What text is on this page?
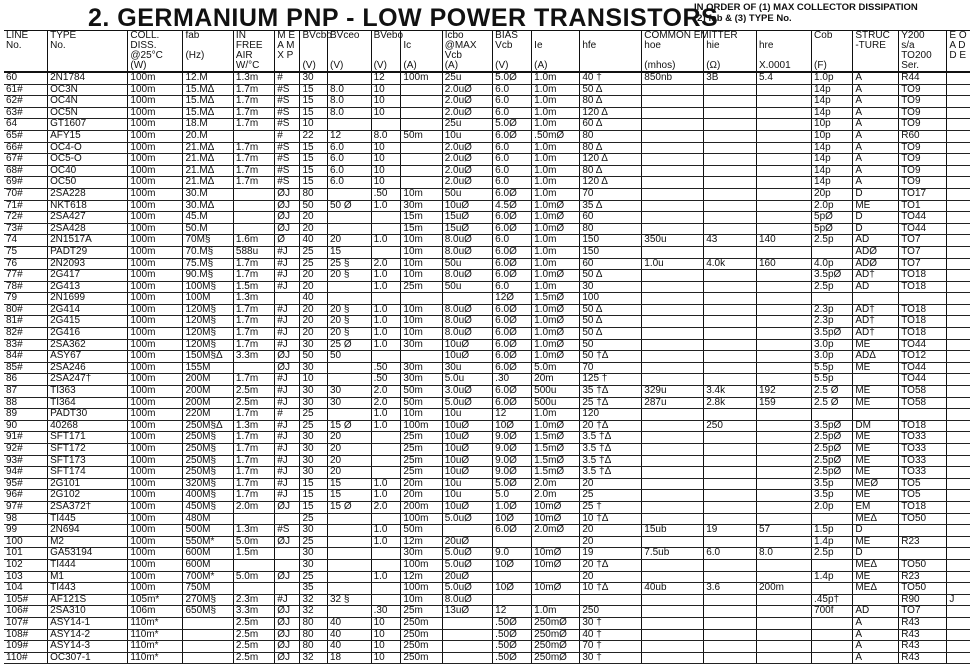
2. GERMANIUM PNP - LOW POWER TRANSISTORS
IN ORDER OF (1) MAX COLLECTOR DISSIPATION
(2) fab & (3) TYPE No.
LINE	TYPE	COLL.	fab	IN	M E	BVcbo	BVceo	BVebo		Icbo	BIAS			COMMON EMITTER			Cob	STRUC	Y200	E O
No.	No.	DISS.		FREE	A M				Ic	@MAX	Vcb	Ie	hfe	hoe	hie	hre		-TURE	s/a	A D
		@25°C	(Hz)	AIR	X P					Vcb									TO200	D E
		(W)		W/°C		(V)	(V)	(V)	(A)	(A)	(V)	(A)		(mhos)	(Ω)	X.0001	(F)		Ser.	
60	2N1784	100m	12.M	1.3m	#	30		12	100m	25u	5.0Ø	1.0m	40 †	850nb	3B	5.4	1.0p	A	R44	
61#	OC3N	100m	15.MΔ	1.7m	#S	15	8.0	10		2.0uØ	6.0	1.0m	50 Δ				14p	A	TO9	
62#	OC4N	100m	15.MΔ	1.7m	#S	15	8.0	10		2.0uØ	6.0	1.0m	80 Δ				14p	A	TO9	
63#	OC5N	100m	15.MΔ	1.7m	#S	15	8.0	10		2.0uØ	6.0	1.0m	120 Δ				14p	A	TO9	
64	GT1607	100m	18.M	1.7m	#S	10				25u	5.0Ø	1.0m	60 Δ				10p	A	TO9	
65#	AFY15	100m	20.M		#	22	12	8.0	50m	10u	6.0Ø	.50mØ	80				10p	A	R60	
66#	OC4-O	100m	21.MΔ	1.7m	#S	15	6.0	10		2.0uØ	6.0	1.0m	80 Δ				14p	A	TO9	
67#	OC5-O	100m	21.MΔ	1.7m	#S	15	6.0	10		2.0uØ	6.0	1.0m	120 Δ				14p	A	TO9	
68#	OC40	100m	21.MΔ	1.7m	#S	15	6.0	10		2.0uØ	6.0	1.0m	80 Δ				14p	A	TO9	
69#	OC50	100m	21.MΔ	1.7m	#S	15	6.0	10		2.0uØ	6.0	1.0m	120 Δ				14p	A	TO9	
70#	2SA228	100m	30.M		ØJ	80		.50	10m	50u	6.0Ø	1.0m	70				20p	D	TO17	
71#	NKT618	100m	30.MΔ		ØJ	50	50 Ø	1.0	30m	10uØ	4.5Ø	1.0mØ	35 Δ				2.0p	ME	TO1	
72#	2SA427	100m	45.M		ØJ	20			15m	15uØ	6.0Ø	1.0mØ	60				5pØ	D	TO44	
73#	2SA428	100m	50.M		ØJ	20			15m	15uØ	6.0Ø	1.0mØ	80				5pØ	D	TO44	
74	2N1517A	100m	70M§	1.6m	Ø	40	20	1.0	10m	8.0uØ	6.0	1.0m	150	350u	43	140	2.5p	AD	TO7	
75	PADT29	100m	70.M§	588u	#J	25	15		10m	8.0uØ	6.0Ø	1.0m	150					ADØ	TO7	
76	2N2093	100m	75.M§	1.7m	#J	25	25 §	2.0	10m	50u	6.0Ø	1.0m	60	1.0u	4.0k	160	4.0p	ADØ	TO7	
77#	2G417	100m	90.M§	1.7m	#J	20	20 §	1.0	10m	8.0uØ	6.0Ø	1.0mØ	50 Δ				3.5pØ	AD†	TO18	
78#	2G413	100m	100M§	1.5m	#J	20		1.0	25m	50u	6.0	1.0m	30				2.5p	AD	TO18	
79	2N1699	100m	100M	1.3m		40					12Ø	1.5mØ	100							
80#	2G414	100m	120M§	1.7m	#J	20	20 §	1.0	10m	8.0uØ	6.0Ø	1.0mØ	50 Δ				2.3p	AD†	TO18	
81#	2G415	100m	120M§	1.7m	#J	20	20 §	1.0	10m	8.0uØ	6.0Ø	1.0mØ	50 Δ				2.3p	AD†	TO18	
82#	2G416	100m	120M§	1.7m	#J	20	20 §	1.0	10m	8.0uØ	6.0Ø	1.0mØ	50 Δ				3.5pØ	AD†	TO18	
83#	2SA362	100m	120M§	1.7m	#J	30	25 Ø	1.0	30m	10uØ	6.0Ø	1.0mØ	50				3.0p	ME	TO44	
84#	ASY67	100m	150M§Δ	3.3m	ØJ	50	50			10uØ	6.0Ø	1.0mØ	50 †Δ				3.0p	ADΔ	TO12	
85#	2SA246	100m	155M		ØJ	30		.50	30m	30u	6.0Ø	5.0m	70				5.5p	ME	TO44	
86	2SA247†	100m	200M	1.7m	#J	10		.50	30m	5.0u	.30	20m	125 †				5.5p		TO44	
87	TI363	100m	200M	2.5m	#J	30	30	2.0	50m	3.0uØ	6.0Ø	500u	35 †Δ	329u	3.4k	192	2.5 Ø	ME	TO58	
88	TI364	100m	200M	2.5m	#J	30	30	2.0	50m	5.0uØ	6.0Ø	500u	25 †Δ	287u	2.8k	159	2.5 Ø	ME	TO58	
89	PADT30	100m	220M	1.7m	#	25		1.0	10m	10u	12	1.0m	120							
90	40268	100m	250M§Δ	1.3m	#J	25	15 Ø	1.0	100m	10uØ	10Ø	1.0mØ	20 †Δ		250		3.5pØ	DM	TO18	
91#	SFT171	100m	250M§	1.7m	#J	30	20		25m	10uØ	9.0Ø	1.5mØ	3.5 †Δ				2.5pØ	ME	TO33	
92#	SFT172	100m	250M§	1.7m	#J	30	20		25m	10uØ	9.0Ø	1.5mØ	3.5 †Δ				2.5pØ	ME	TO33	
93#	SFT173	100m	250M§	1.7m	#J	30	20		25m	10uØ	9.0Ø	1.5mØ	3.5 †Δ				2.5pØ	ME	TO33	
94#	SFT174	100m	250M§	1.7m	#J	30	20		25m	10uØ	9.0Ø	1.5mØ	3.5 †Δ				2.5pØ	ME	TO33	
95#	2G101	100m	320M§	1.7m	#J	15	15	1.0	20m	10u	5.0Ø	2.0m	20				3.5p	MEØ	TO5	
96#	2G102	100m	400M§	1.7m	#J	15	15	1.0	20m	10u	5.0	2.0m	25				3.5p	ME	TO5	
97#	2SA372†	100m	450M§	2.0m	ØJ	15	15 Ø	2.0	200m	10uØ	1.0Ø	10mØ	25 †				2.0p	EM	TO18	
98	TI445	100m	480M			25			100m	5.0uØ	10Ø	10mØ	10 †Δ					MEΔ	TO50	
99	2N694	100m	500M	1.3m	#S	30		1.0	50m		6.0Ø	2.0mØ	20	15ub	19	57	1.5p	D		
100	M2	100m	550M*	5.0m	ØJ	25		1.0	12m	20uØ			20				1.4p	ME	R23	
101	GA53194	100m	600M	1.5m		30			30m	5.0uØ	9.0	10mØ	19	7.5ub	6.0	8.0	2.5p	D		
102	TI444	100m	600M			30			100m	5.0uØ	10Ø	10mØ	20 †Δ					MEΔ	TO50	
103	M1	100m	700M*	5.0m	ØJ	25		1.0	12m	20uØ			20				1.4p	ME	R23	
104	TI443	100m	750M			35			100m	5.0uØ	10Ø	10mØ	10 †Δ	40ub	3.6	200m		MEΔ	TO50	
105#	AF121S	105m*	270M§	2.3m	#J	32	32 §		10m	8.0uØ							.45p†		R90	J
106#	2SA310	106m	650M§	3.3m	ØJ	32		.30	25m	13uØ	12	1.0m	250				700f	AD	TO7	
107#	ASY14-1	110m*		2.5m	ØJ	80	40	10	250m		.50Ø	250mØ	30 †					A	R43	
108#	ASY14-2	110m*		2.5m	ØJ	80	40	10	250m		.50Ø	250mØ	40 †					A	R43	
109#	ASY14-3	110m*		2.5m	ØJ	80	40	10	250m		.50Ø	250mØ	70 †					A	R43	
110#	OC307-1	110m*		2.5m	ØJ	32	18	10	250m		.50Ø	250mØ	30 †					A	R43	
